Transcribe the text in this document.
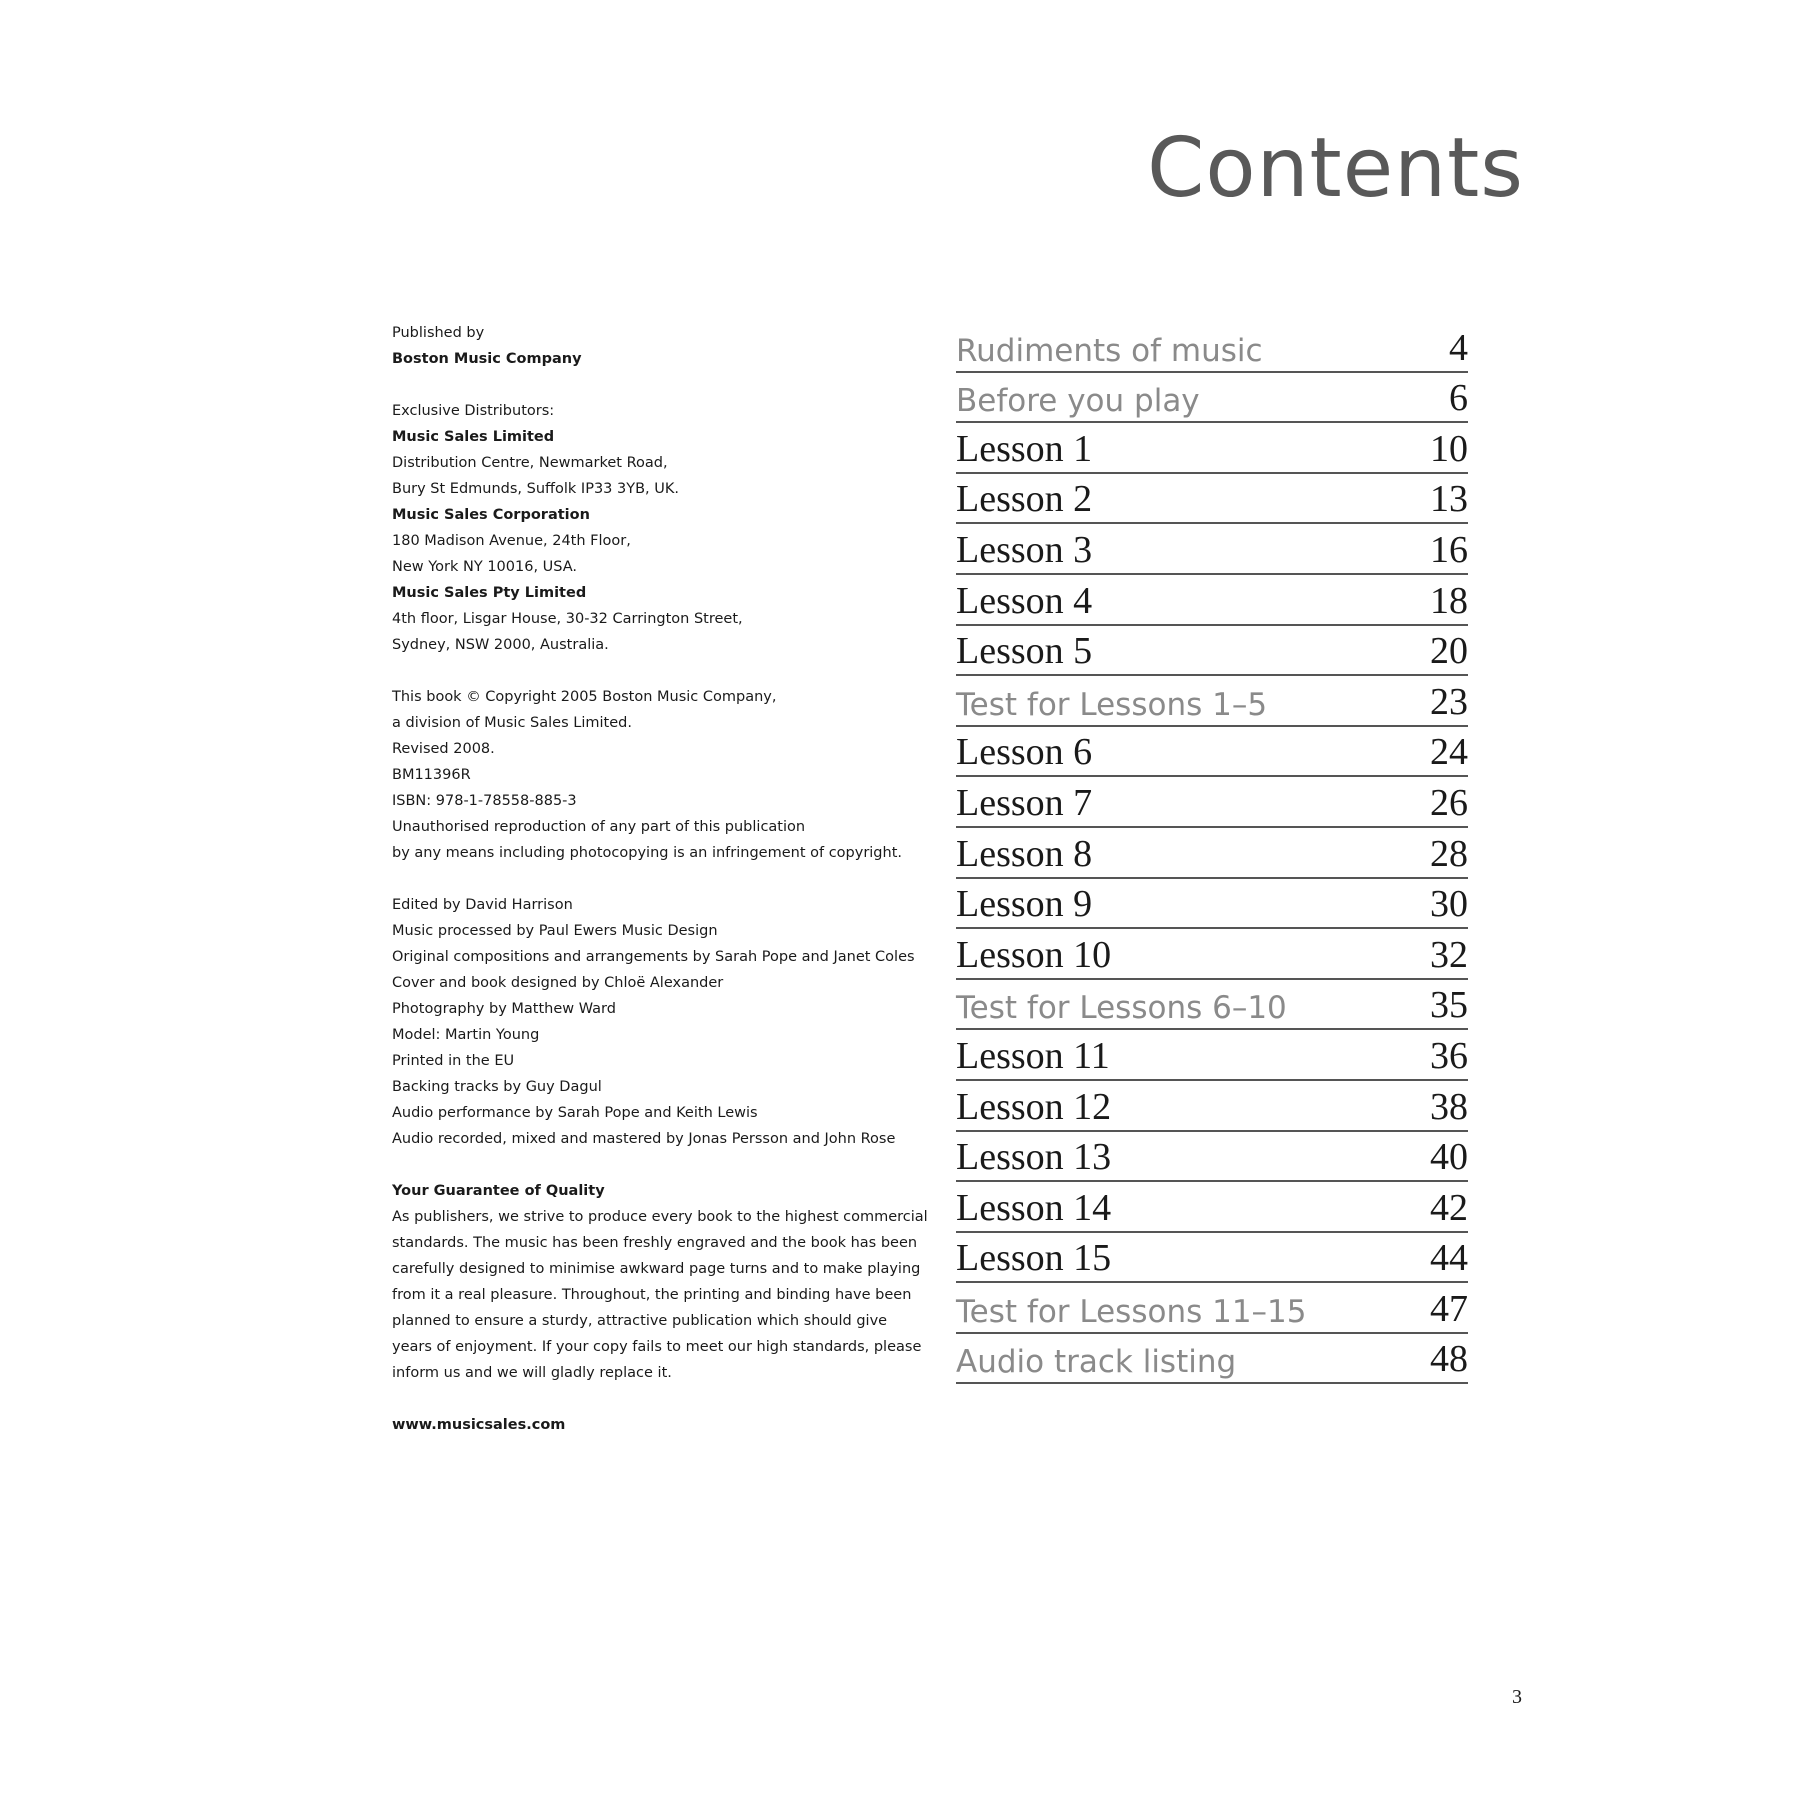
Contents
Published by
Boston Music Company
Exclusive Distributors:
Music Sales Limited
Distribution Centre, Newmarket Road,
Bury St Edmunds, Suffolk IP33 3YB, UK.
Music Sales Corporation
180 Madison Avenue, 24th Floor,
New York NY 10016, USA.
Music Sales Pty Limited
4th floor, Lisgar House, 30-32 Carrington Street,
Sydney, NSW 2000, Australia.
This book © Copyright 2005 Boston Music Company,
a division of Music Sales Limited.
Revised 2008.
BM11396R
ISBN: 978-1-78558-885-3
Unauthorised reproduction of any part of this publication
by any means including photocopying is an infringement of copyright.
Edited by David Harrison
Music processed by Paul Ewers Music Design
Original compositions and arrangements by Sarah Pope and Janet Coles
Cover and book designed by Chloë Alexander
Photography by Matthew Ward
Model: Martin Young
Printed in the EU
Backing tracks by Guy Dagul
Audio performance by Sarah Pope and Keith Lewis
Audio recorded, mixed and mastered by Jonas Persson and John Rose
Your Guarantee of Quality
As publishers, we strive to produce every book to the highest commercial
standards. The music has been freshly engraved and the book has been
carefully designed to minimise awkward page turns and to make playing
from it a real pleasure. Throughout, the printing and binding have been
planned to ensure a sturdy, attractive publication which should give
years of enjoyment. If your copy fails to meet our high standards, please
inform us and we will gladly replace it.
www.musicsales.com
Rudiments of music	4
Before you play	6
Lesson 1	10
Lesson 2	13
Lesson 3	16
Lesson 4	18
Lesson 5	20
Test for Lessons 1–5	23
Lesson 6	24
Lesson 7	26
Lesson 8	28
Lesson 9	30
Lesson 10	32
Test for Lessons 6–10	35
Lesson 11	36
Lesson 12	38
Lesson 13	40
Lesson 14	42
Lesson 15	44
Test for Lessons 11–15	47
Audio track listing	48
3
